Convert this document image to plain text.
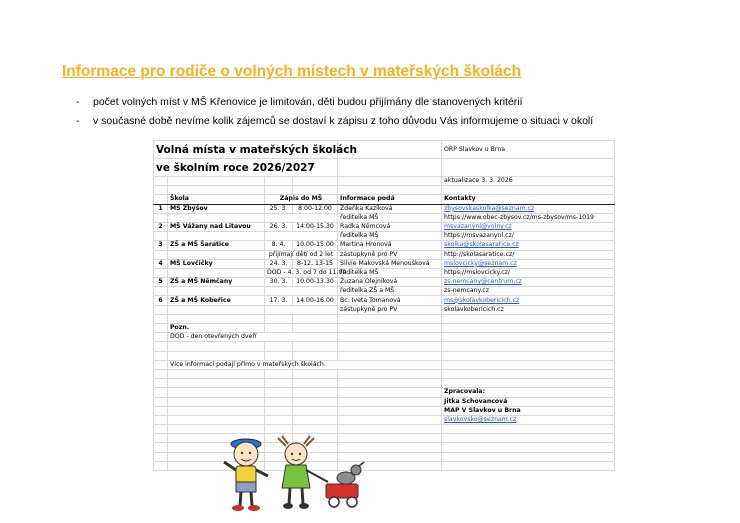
Informace pro rodiče o volných místech v mateřských školách
- počet volných míst v MŠ Křenovice je limitován, děti budou přijímány dle stanovených kritérií
- v současné době nevíme kolik zájemců se dostaví k zápisu z toho důvodu Vás informujeme o situaci v okolí
Volná místa v mateřských školách					ORP Slavkov u Brna
ve školním roce 2026/2027					
					aktualizace 3. 3. 2026

	Škola	Zápis do MŠ		Informace podá	Kontakty
1	MŠ Zbýšov	25. 3.	8.00-12.00	Zdeňka Kazíková	zbysovskaskolka@seznam.cz
				ředitelka MŠ	https://www.obec-zbysov.cz/ms-zbysov/ms-1019
2	MŠ Vážany nad Litavou	26. 3.	14.00-15.30	Radka Němcová	msvazanynl@volny.cz
				ředitelka MŠ	https://msvazanynl.cz/
3	ZŠ a MŠ Šaratice	8. 4.	10.00-15.00	Martina Hronová	skolka@skolasaratice.cz
		přijímají dětí od 2 let		zástupkyně pro PV	http://skolasaratice.cz/
4	MŠ Lovčičky	24. 3.	8-12, 13-15	Silvie Makovská Menoušková	mslovcicky@seznam.cz
		DOD - 4. 3. od 7 do 11.00		ředitelka MŠ	https://mslovcicky.cz/
5	ZŠ a MŠ Němčany	30. 3.	10.00-13.30	Zuzana Olejníková	zs.nemcany@centrum.cz
				ředitelka ZŠ a MŠ	zs-nemcany.cz
6	ZŠ a MŠ Kobeřice	17. 3.	14.00-16.00	Bc. Iveta Tomanová	ms@skolavkobericich.cz
				zástupkyně pro PV	skolavkobericich.cz

	Pozn.				
	DOD - den otevřených dveří				

	Více informací podají přímo v mateřských školách.				

					Zpracovala:
					Jitka Schovancová
					MAP V Slavkov u Brna
					slavkovsko@seznam.cz
